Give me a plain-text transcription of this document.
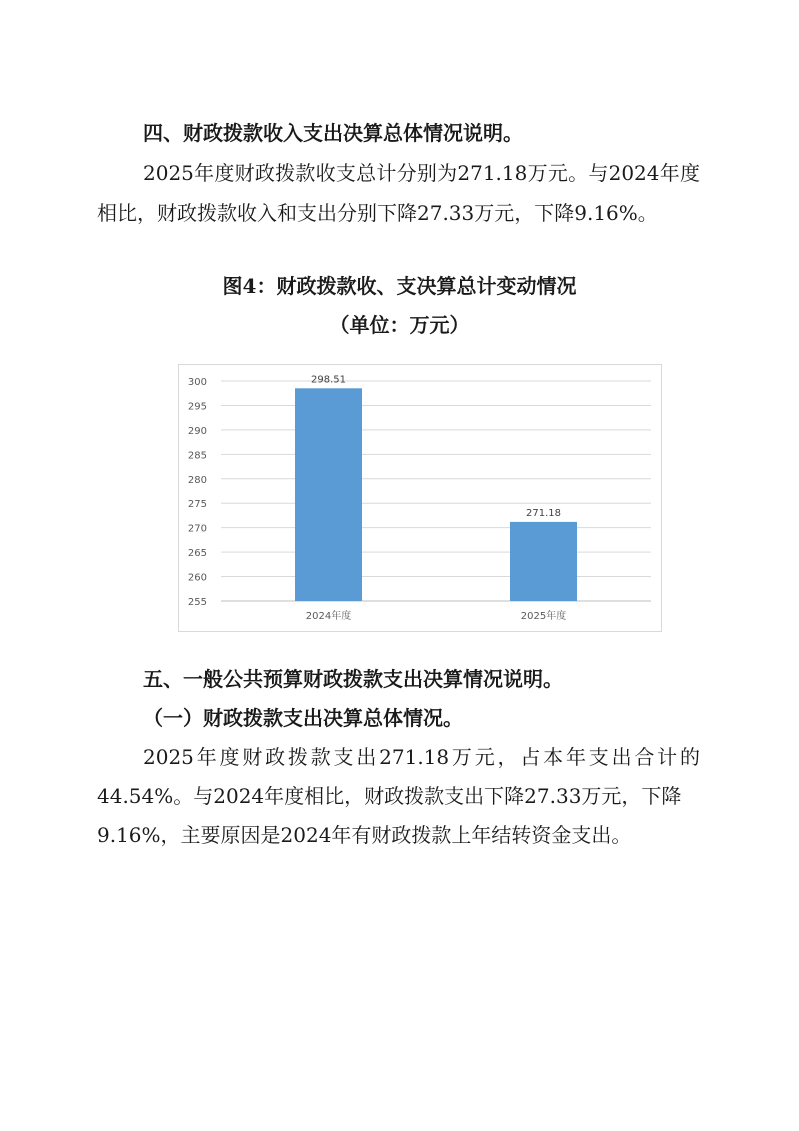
四、财政拨款收入支出决算总体情况说明。
2025年度财政拨款收支总计分别为271.18万元。与2024年度
相比，财政拨款收入和支出分别下降27.33万元，下降9.16%。
图4：财政拨款收、支决算总计变动情况
（单位：万元）
255
260
265
270
275
280
285
290
295
300	298.51
2024年度
271.18
2025年度
五、一般公共预算财政拨款支出决算情况说明。
（一）财政拨款支出决算总体情况。
2025年度财政拨款支出271.18万元，占本年支出合计的
44.54%。与2024年度相比，财政拨款支出下降27.33万元，下降
9.16%，主要原因是2024年有财政拨款上年结转资金支出。
